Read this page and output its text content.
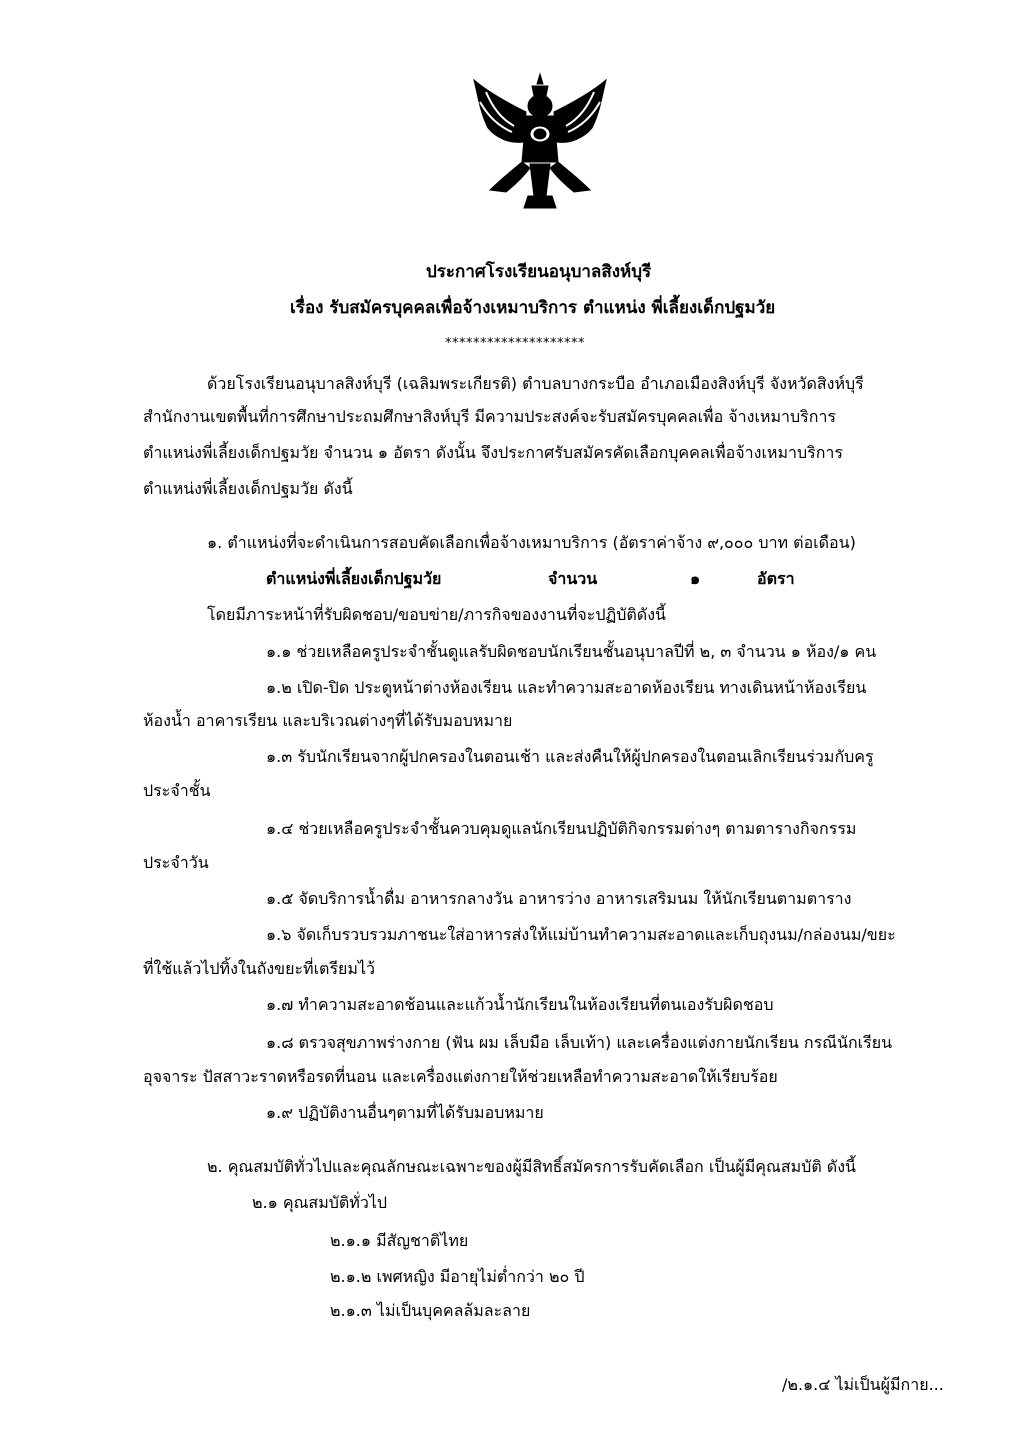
ประกาศโรงเรียนอนุบาลสิงห์บุรี
เรื่อง รับสมัครบุคคลเพื่อจ้างเหมาบริการ ตำแหน่ง พี่เลี้ยงเด็กปฐมวัย
********************
ด้วยโรงเรียนอนุบาลสิงห์บุรี (เฉลิมพระเกียรติ) ตำบลบางกระบือ อำเภอเมืองสิงห์บุรี จังหวัดสิงห์บุรี
สำนักงานเขตพื้นที่การศึกษาประถมศึกษาสิงห์บุรี มีความประสงค์จะรับสมัครบุคคลเพื่อ จ้างเหมาบริการ
ตำแหน่งพี่เลี้ยงเด็กปฐมวัย จำนวน ๑ อัตรา ดังนั้น จึงประกาศรับสมัครคัดเลือกบุคคลเพื่อจ้างเหมาบริการ
ตำแหน่งพี่เลี้ยงเด็กปฐมวัย ดังนี้
๑. ตำแหน่งที่จะดำเนินการสอบคัดเลือกเพื่อจ้างเหมาบริการ (อัตราค่าจ้าง ๙,๐๐๐ บาท ต่อเดือน)
ตำแหน่งพี่เลี้ยงเด็กปฐมวัย	จำนวน	๑	อัตรา
โดยมีภาระหน้าที่รับผิดชอบ/ขอบข่าย/ภารกิจของงานที่จะปฏิบัติดังนี้
๑.๑ ช่วยเหลือครูประจำชั้นดูแลรับผิดชอบนักเรียนชั้นอนุบาลปีที่ ๒, ๓ จำนวน ๑ ห้อง/๑ คน
๑.๒ เปิด-ปิด ประตูหน้าต่างห้องเรียน และทำความสะอาดห้องเรียน ทางเดินหน้าห้องเรียน
ห้องน้ำ อาคารเรียน และบริเวณต่างๆที่ได้รับมอบหมาย
๑.๓ รับนักเรียนจากผู้ปกครองในตอนเช้า และส่งคืนให้ผู้ปกครองในตอนเลิกเรียนร่วมกับครู
ประจำชั้น
๑.๔ ช่วยเหลือครูประจำชั้นควบคุมดูแลนักเรียนปฏิบัติกิจกรรมต่างๆ ตามตารางกิจกรรม
ประจำวัน
๑.๕ จัดบริการน้ำดื่ม อาหารกลางวัน อาหารว่าง อาหารเสริมนม ให้นักเรียนตามตาราง
๑.๖ จัดเก็บรวบรวมภาชนะใส่อาหารส่งให้แม่บ้านทำความสะอาดและเก็บถุงนม/กล่องนม/ขยะ
ที่ใช้แล้วไปทิ้งในถังขยะที่เตรียมไว้
๑.๗ ทำความสะอาดช้อนและแก้วน้ำนักเรียนในห้องเรียนที่ตนเองรับผิดชอบ
๑.๘ ตรวจสุขภาพร่างกาย (ฟัน ผม เล็บมือ เล็บเท้า) และเครื่องแต่งกายนักเรียน กรณีนักเรียน
อุจจาระ ปัสสาวะราดหรือรดที่นอน และเครื่องแต่งกายให้ช่วยเหลือทำความสะอาดให้เรียบร้อย
๑.๙ ปฏิบัติงานอื่นๆตามที่ได้รับมอบหมาย
๒. คุณสมบัติทั่วไปและคุณลักษณะเฉพาะของผู้มีสิทธิ์สมัครการรับคัดเลือก เป็นผู้มีคุณสมบัติ ดังนี้
๒.๑ คุณสมบัติทั่วไป
๒.๑.๑ มีสัญชาติไทย
๒.๑.๒ เพศหญิง มีอายุไม่ต่ำกว่า ๒๐ ปี
๒.๑.๓ ไม่เป็นบุคคลล้มละลาย
/๒.๑.๔ ไม่เป็นผู้มีกาย...
